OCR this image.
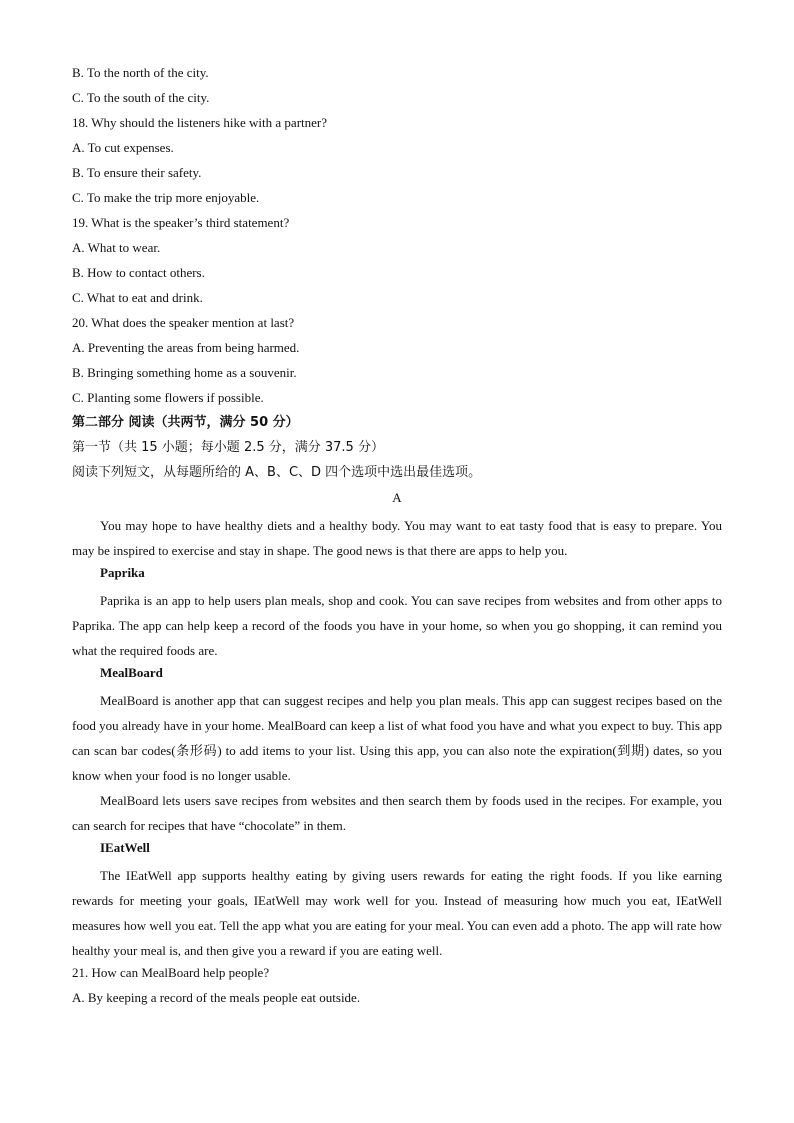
B. To the north of the city.
C. To the south of the city.
18. Why should the listeners hike with a partner?
A. To cut expenses.
B. To ensure their safety.
C. To make the trip more enjoyable.
19. What is the speaker’s third statement?
A. What to wear.
B. How to contact others.
C. What to eat and drink.
20. What does the speaker mention at last?
A. Preventing the areas from being harmed.
B. Bringing something home as a souvenir.
C. Planting some flowers if possible.
第二部分 阅读（共两节，满分 50 分）
第一节（共 15 小题；每小题 2.5 分，满分 37.5 分）
阅读下列短文，从每题所给的 A、B、C、D 四个选项中选出最佳选项。
A

You may hope to have healthy diets and a healthy body. You may want to eat tasty food that is easy to prepare. You may be inspired to exercise and stay in shape. The good news is that there are apps to help you.

Paprika

Paprika is an app to help users plan meals, shop and cook. You can save recipes from websites and from other apps to Paprika. The app can help keep a record of the foods you have in your home, so when you go shopping, it can remind you what the required foods are.

MealBoard

MealBoard is another app that can suggest recipes and help you plan meals. This app can suggest recipes based on the food you already have in your home. MealBoard can keep a list of what food you have and what you expect to buy. This app can scan bar codes(条形码) to add items to your list. Using this app, you can also note the expiration(到期) dates, so you know when your food is no longer usable.

MealBoard lets users save recipes from websites and then search them by foods used in the recipes. For example, you can search for recipes that have “chocolate” in them.

IEatWell

The IEatWell app supports healthy eating by giving users rewards for eating the right foods. If you like earning rewards for meeting your goals, IEatWell may work well for you. Instead of measuring how much you eat, IEatWell measures how well you eat. Tell the app what you are eating for your meal. You can even add a photo. The app will rate how healthy your meal is, and then give you a reward if you are eating well.

21. How can MealBoard help people?
A. By keeping a record of the meals people eat outside.
